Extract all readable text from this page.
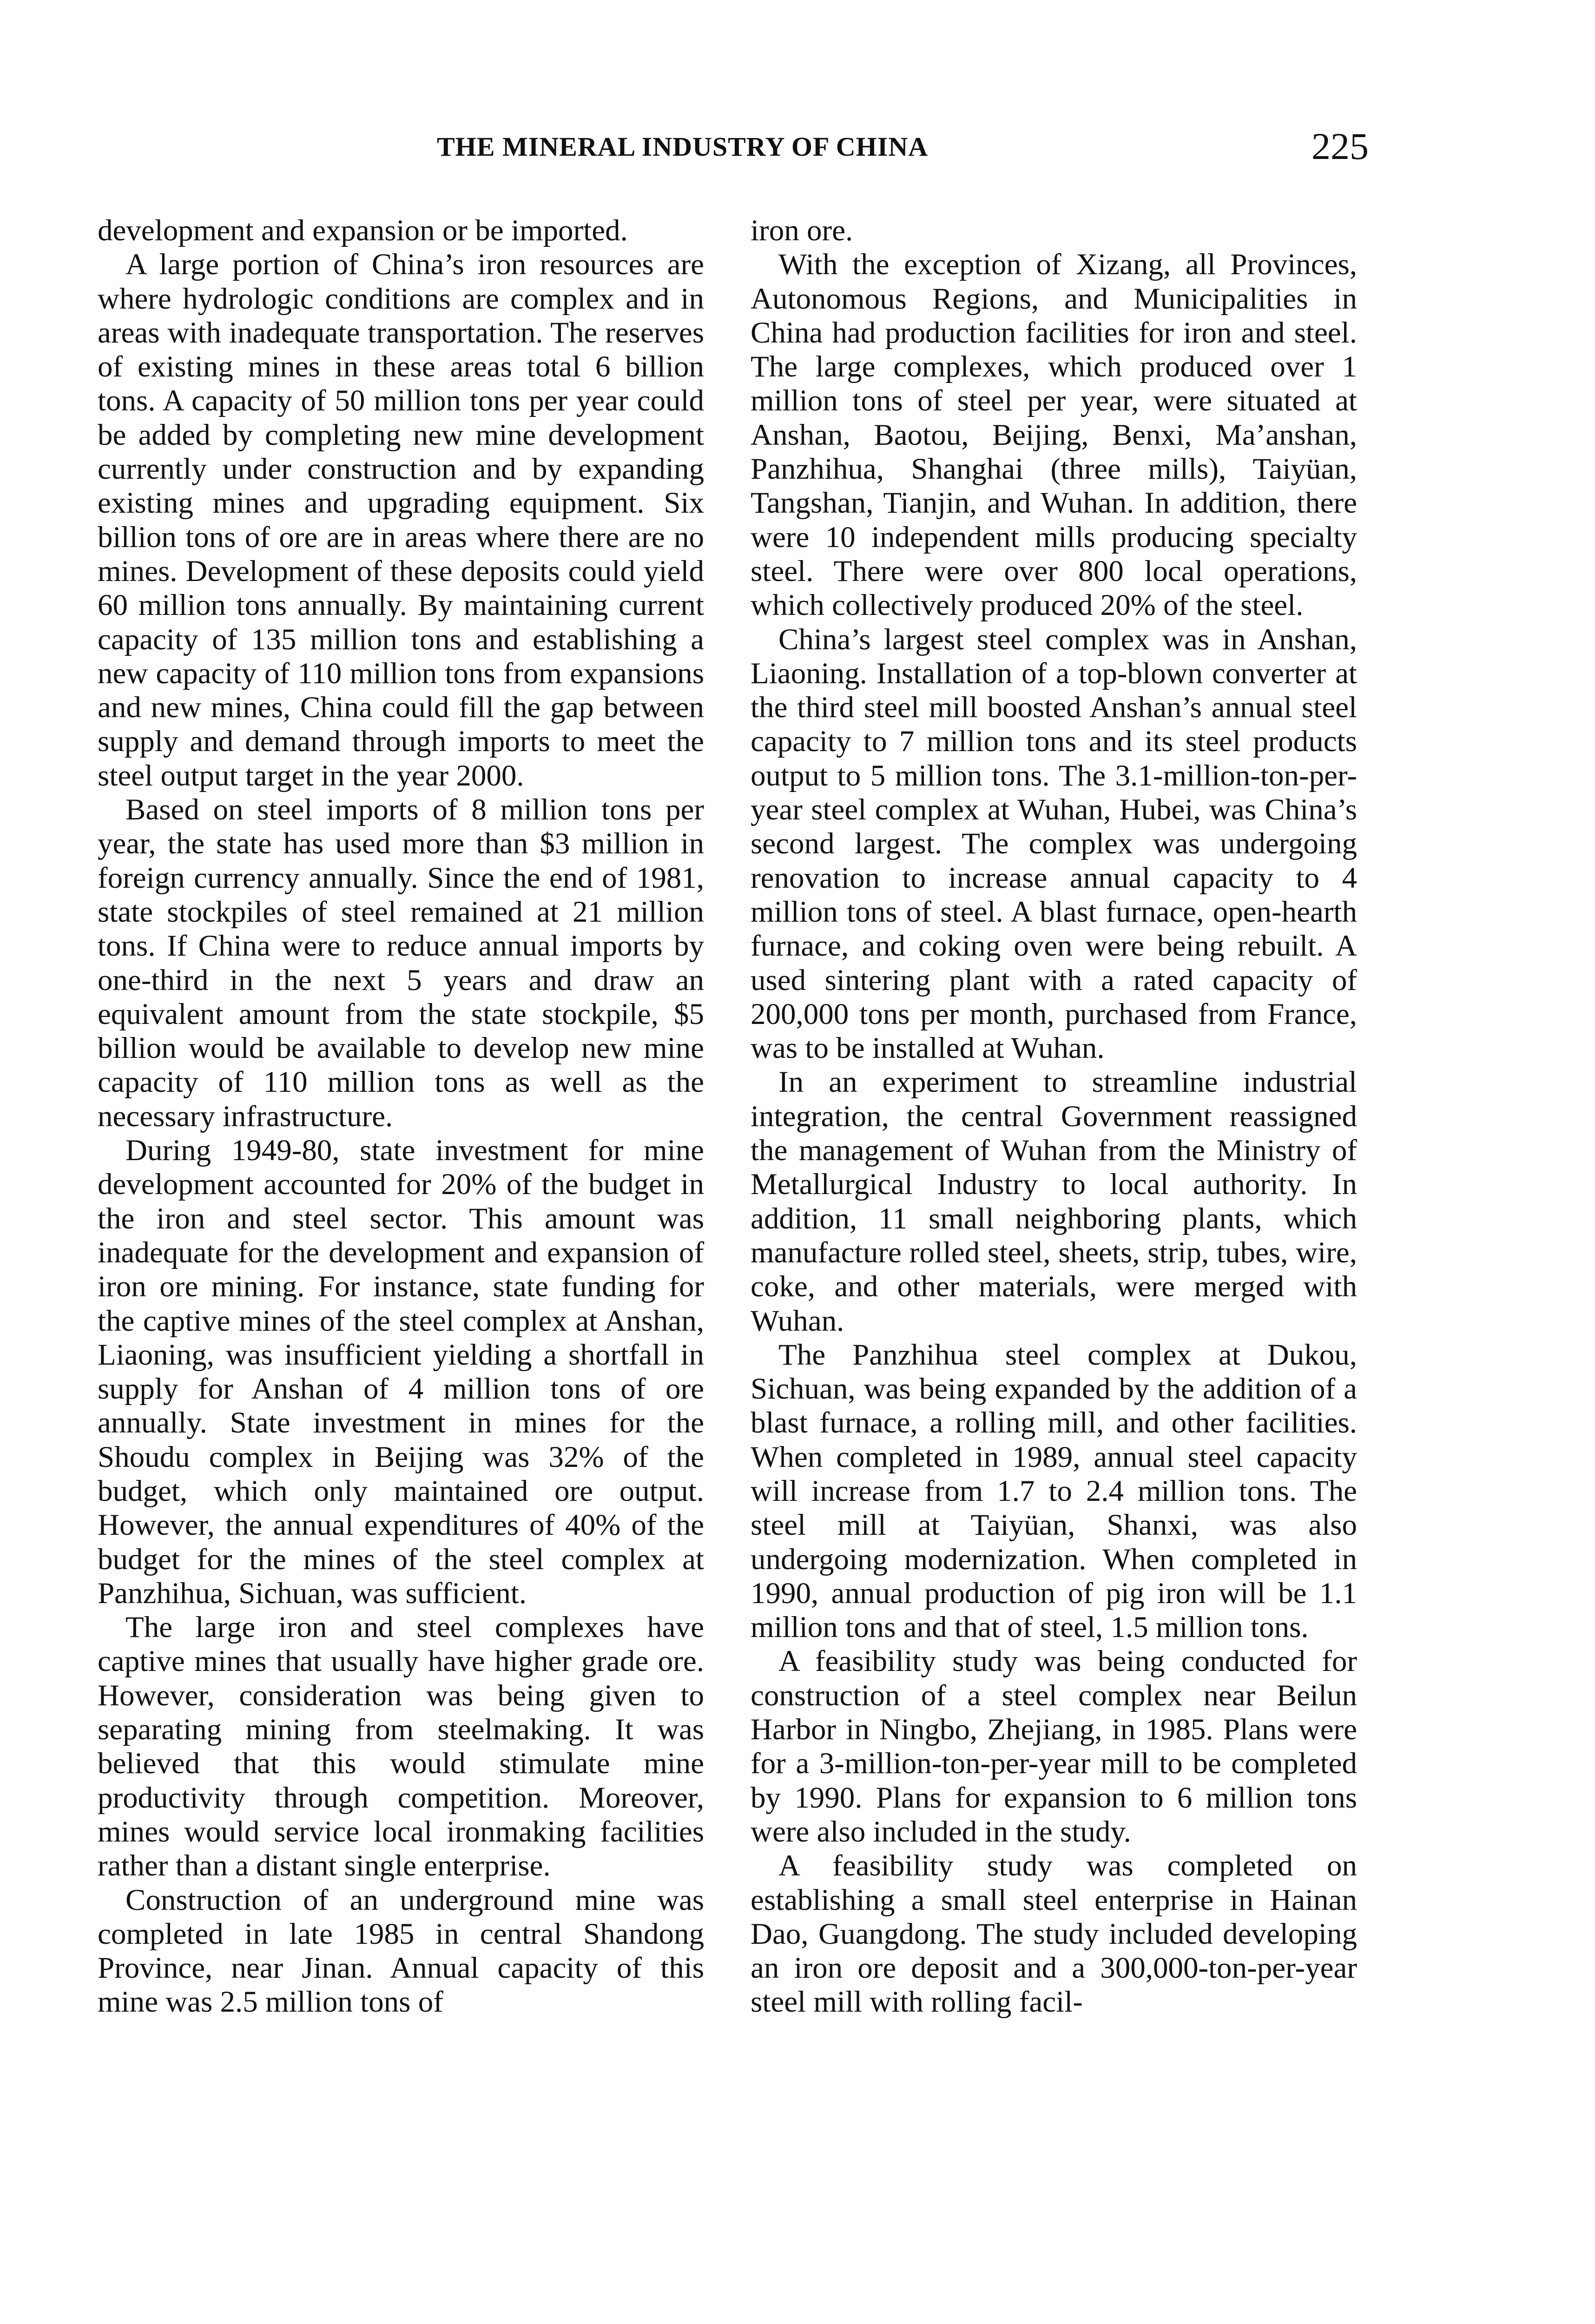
THE MINERAL INDUSTRY OF CHINA	225

development and expansion or be imported.

A large portion of China’s iron resources are where hydrologic conditions are complex and in areas with inadequate transportation. The reserves of existing mines in these areas total 6 billion tons. A capacity of 50 million tons per year could be added by completing new mine development currently under construction and by expanding existing mines and upgrading equipment. Six billion tons of ore are in areas where there are no mines. Development of these deposits could yield 60 million tons annually. By maintaining current capacity of 135 million tons and establishing a new capacity of 110 million tons from expansions and new mines, China could fill the gap between supply and demand through imports to meet the steel output target in the year 2000.

Based on steel imports of 8 million tons per year, the state has used more than $3 million in foreign currency annually. Since the end of 1981, state stockpiles of steel remained at 21 million tons. If China were to reduce annual imports by one-third in the next 5 years and draw an equivalent amount from the state stockpile, $5 billion would be available to develop new mine capacity of 110 million tons as well as the necessary infrastructure.

During 1949-80, state investment for mine development accounted for 20% of the budget in the iron and steel sector. This amount was inadequate for the development and expansion of iron ore mining. For instance, state funding for the captive mines of the steel complex at Anshan, Liaoning, was insufficient yielding a shortfall in supply for Anshan of 4 million tons of ore annually. State investment in mines for the Shoudu complex in Beijing was 32% of the budget, which only maintained ore output. However, the annual expenditures of 40% of the budget for the mines of the steel complex at Panzhihua, Sichuan, was sufficient.

The large iron and steel complexes have captive mines that usually have higher grade ore. However, consideration was being given to separating mining from steelmaking. It was believed that this would stimulate mine productivity through competition. Moreover, mines would service local ironmaking facilities rather than a distant single enterprise.

Construction of an underground mine was completed in late 1985 in central Shandong Province, near Jinan. Annual capacity of this mine was 2.5 million tons of

iron ore.

With the exception of Xizang, all Provinces, Autonomous Regions, and Municipalities in China had production facilities for iron and steel. The large complexes, which produced over 1 million tons of steel per year, were situated at Anshan, Baotou, Beijing, Benxi, Ma’anshan, Panzhihua, Shanghai (three mills), Taiyüan, Tangshan, Tianjin, and Wuhan. In addition, there were 10 independent mills producing specialty steel. There were over 800 local operations, which collectively produced 20% of the steel.

China’s largest steel complex was in Anshan, Liaoning. Installation of a top-blown converter at the third steel mill boosted Anshan’s annual steel capacity to 7 million tons and its steel products output to 5 million tons. The 3.1-million-ton-per-year steel complex at Wuhan, Hubei, was China’s second largest. The complex was undergoing renovation to increase annual capacity to 4 million tons of steel. A blast furnace, open-hearth furnace, and coking oven were being rebuilt. A used sintering plant with a rated capacity of 200,000 tons per month, purchased from France, was to be installed at Wuhan.

In an experiment to streamline industrial integration, the central Government reassigned the management of Wuhan from the Ministry of Metallurgical Industry to local authority. In addition, 11 small neighboring plants, which manufacture rolled steel, sheets, strip, tubes, wire, coke, and other materials, were merged with Wuhan.

The Panzhihua steel complex at Dukou, Sichuan, was being expanded by the addition of a blast furnace, a rolling mill, and other facilities. When completed in 1989, annual steel capacity will increase from 1.7 to 2.4 million tons. The steel mill at Taiyüan, Shanxi, was also undergoing modernization. When completed in 1990, annual production of pig iron will be 1.1 million tons and that of steel, 1.5 million tons.

A feasibility study was being conducted for construction of a steel complex near Beilun Harbor in Ningbo, Zhejiang, in 1985. Plans were for a 3-million-ton-per-year mill to be completed by 1990. Plans for expansion to 6 million tons were also included in the study.

A feasibility study was completed on establishing a small steel enterprise in Hainan Dao, Guangdong. The study included developing an iron ore deposit and a 300,000-ton-per-year steel mill with rolling facil-
